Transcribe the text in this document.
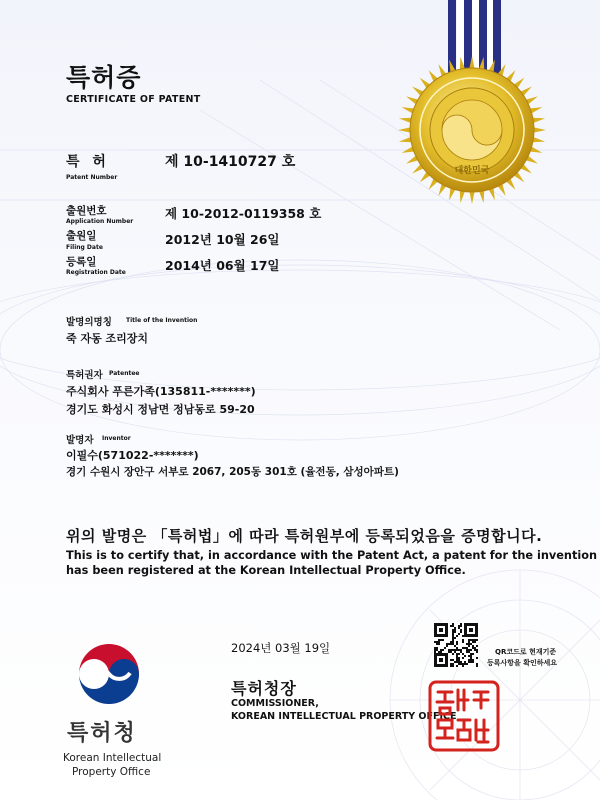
대한민국
특허증
CERTIFICATE OF PATENT
특 허
Patent Number
제 10-1410727 호
출원번호
Application Number
제 10-2012-0119358 호
출원일
Filing Date
2012년 10월 26일
등록일
Registration Date	2014년 06월 17일
발명의명칭 Title of the Invention
죽 자동 조리장치
특허권자 Patentee
주식회사 푸른가족(135811-*******)
경기도 화성시 정남면 정남동로 59-20
발명자 Inventor
이필수(571022-*******)
경기 수원시 장안구 서부로 2067, 205동 301호 (율전동, 삼성아파트)
위의 발명은 「특허법」에 따라 특허원부에 등록되었음을 증명합니다.
This is to certify that, in accordance with the Patent Act, a patent for the invention
has been registered at the Korean Intellectual Property Office.
2024년 03월 19일	QR코드로 현재기준
등록사항을 확인하세요
특허청장
COMMISSIONER,
KOREAN INTELLECTUAL PROPERTY OFFICE
특허청
Korean Intellectual
Property Office
